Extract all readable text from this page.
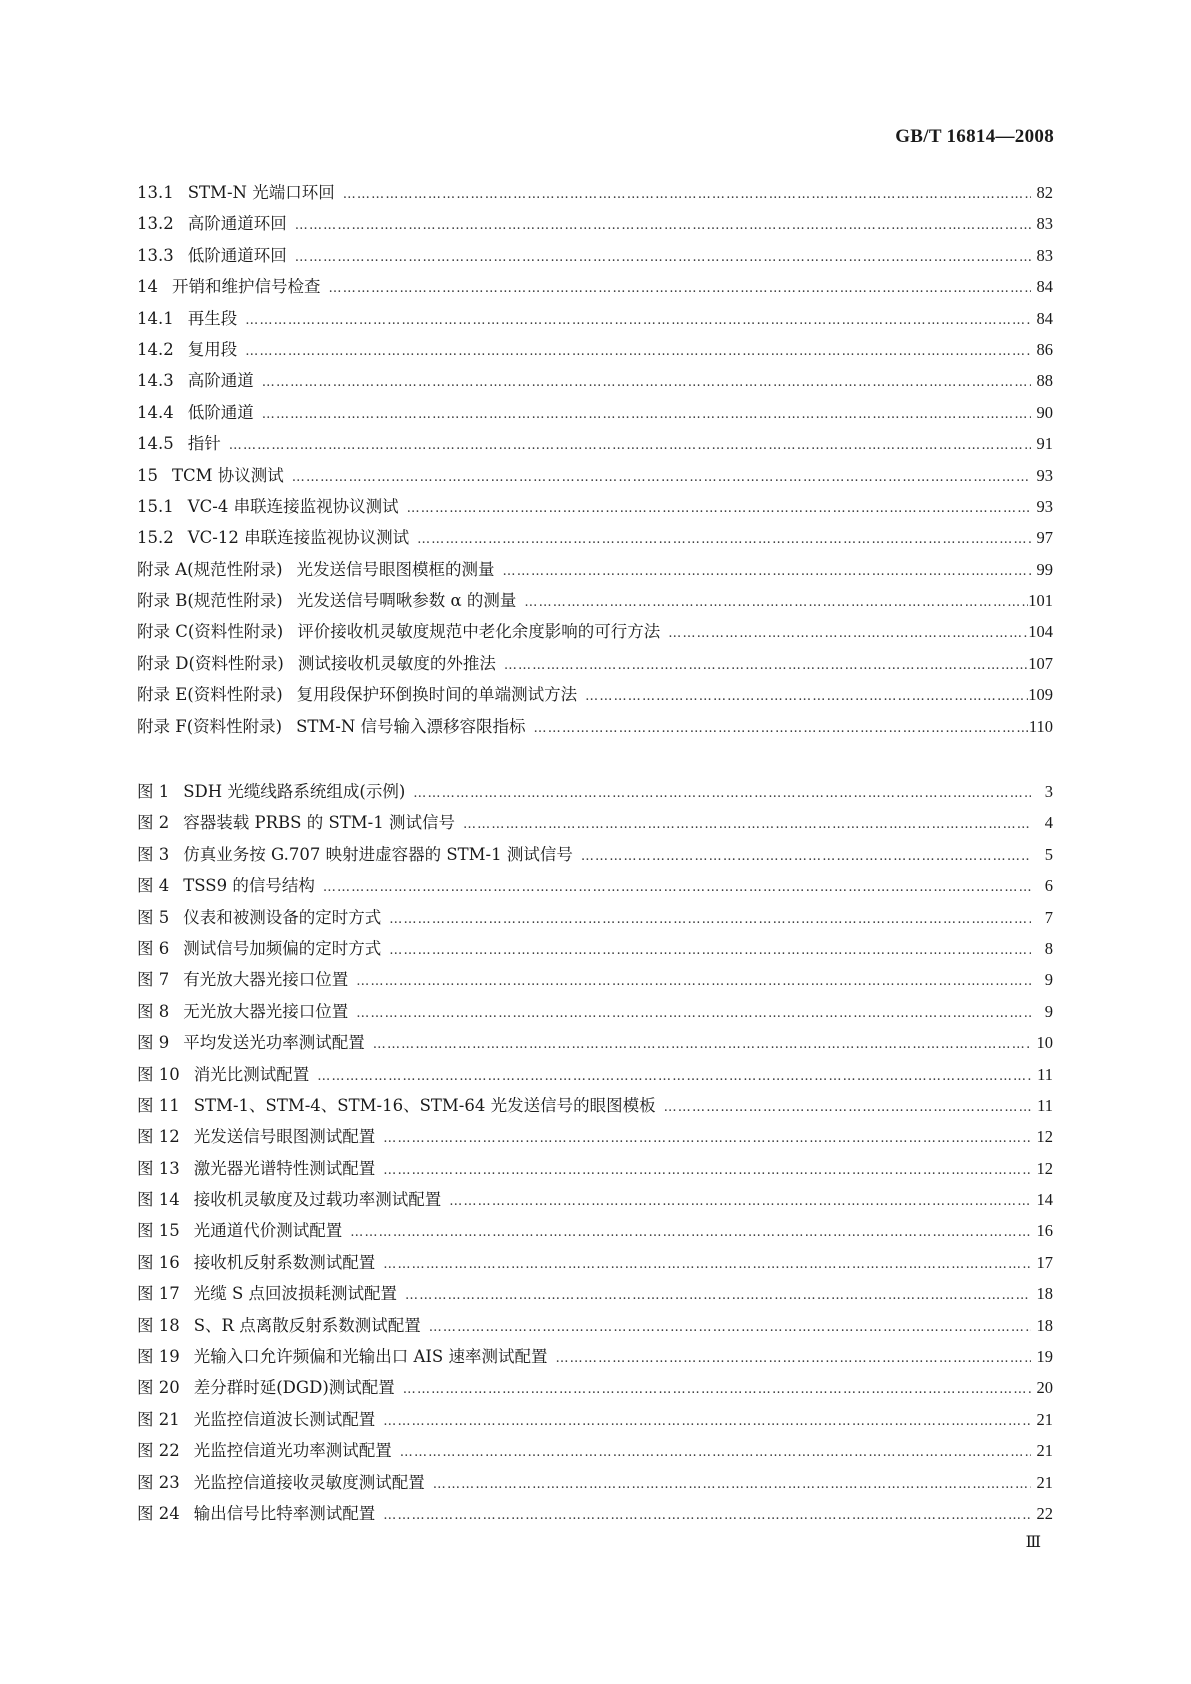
GB/T 16814—2008
13.1 STM-N 光端口环回 ……………………………………………………………………………………………………………………………………………………………………………………………………………………………………	82
13.2 高阶通道环回 ……………………………………………………………………………………………………………………………………………………………………………………………………………………………………	83
13.3 低阶通道环回 ……………………………………………………………………………………………………………………………………………………………………………………………………………………………………	83
14 开销和维护信号检查 ……………………………………………………………………………………………………………………………………………………………………………………………………………………………………	84
14.1 再生段 ……………………………………………………………………………………………………………………………………………………………………………………………………………………………………	84
14.2 复用段 ……………………………………………………………………………………………………………………………………………………………………………………………………………………………………	86
14.3 高阶通道 ……………………………………………………………………………………………………………………………………………………………………………………………………………………………………	88
14.4 低阶通道 ……………………………………………………………………………………………………………………………………………………………………………………………………………………………………	90
14.5 指针 ……………………………………………………………………………………………………………………………………………………………………………………………………………………………………	91
15 TCM 协议测试 ……………………………………………………………………………………………………………………………………………………………………………………………………………………………………	93
15.1 VC-4 串联连接监视协议测试 ……………………………………………………………………………………………………………………………………………………………………………………………………………………………………	93
15.2 VC-12 串联连接监视协议测试 ……………………………………………………………………………………………………………………………………………………………………………………………………………………………………	97
附录 A(规范性附录) 光发送信号眼图模框的测量 ……………………………………………………………………………………………………………………………………………………………………………………………………………………………………	99
附录 B(规范性附录) 光发送信号啁啾参数 α 的测量 ……………………………………………………………………………………………………………………………………………………………………………………………………………………………………	101
附录 C(资料性附录) 评价接收机灵敏度规范中老化余度影响的可行方法 ……………………………………………………………………………………………………………………………………………………………………………………………………………………………………	104
附录 D(资料性附录) 测试接收机灵敏度的外推法 ……………………………………………………………………………………………………………………………………………………………………………………………………………………………………	107
附录 E(资料性附录) 复用段保护环倒换时间的单端测试方法 ……………………………………………………………………………………………………………………………………………………………………………………………………………………………………	109
附录 F(资料性附录) STM-N 信号输入漂移容限指标 ……………………………………………………………………………………………………………………………………………………………………………………………………………………………………	110
图 1 SDH 光缆线路系统组成(示例) ……………………………………………………………………………………………………………………………………………………………………………………………………………………………………	3
图 2 容器装载 PRBS 的 STM-1 测试信号 ……………………………………………………………………………………………………………………………………………………………………………………………………………………………………	4
图 3 仿真业务按 G.707 映射进虚容器的 STM-1 测试信号 ……………………………………………………………………………………………………………………………………………………………………………………………………………………………………	5
图 4 TSS9 的信号结构 ……………………………………………………………………………………………………………………………………………………………………………………………………………………………………	6
图 5 仪表和被测设备的定时方式 ……………………………………………………………………………………………………………………………………………………………………………………………………………………………………	7
图 6 测试信号加频偏的定时方式 ……………………………………………………………………………………………………………………………………………………………………………………………………………………………………	8
图 7 有光放大器光接口位置 ……………………………………………………………………………………………………………………………………………………………………………………………………………………………………	9
图 8 无光放大器光接口位置 ……………………………………………………………………………………………………………………………………………………………………………………………………………………………………	9
图 9 平均发送光功率测试配置 ……………………………………………………………………………………………………………………………………………………………………………………………………………………………………	10
图 10 消光比测试配置 ……………………………………………………………………………………………………………………………………………………………………………………………………………………………………	11
图 11 STM-1、STM-4、STM-16、STM-64 光发送信号的眼图模板 ……………………………………………………………………………………………………………………………………………………………………………………………………………………………………	11
图 12 光发送信号眼图测试配置 ……………………………………………………………………………………………………………………………………………………………………………………………………………………………………	12
图 13 激光器光谱特性测试配置 ……………………………………………………………………………………………………………………………………………………………………………………………………………………………………	12
图 14 接收机灵敏度及过载功率测试配置 ……………………………………………………………………………………………………………………………………………………………………………………………………………………………………	14
图 15 光通道代价测试配置 ……………………………………………………………………………………………………………………………………………………………………………………………………………………………………	16
图 16 接收机反射系数测试配置 ……………………………………………………………………………………………………………………………………………………………………………………………………………………………………	17
图 17 光缆 S 点回波损耗测试配置 ……………………………………………………………………………………………………………………………………………………………………………………………………………………………………	18
图 18 S、R 点离散反射系数测试配置 ……………………………………………………………………………………………………………………………………………………………………………………………………………………………………	18
图 19 光输入口允许频偏和光输出口 AIS 速率测试配置 ……………………………………………………………………………………………………………………………………………………………………………………………………………………………………	19
图 20 差分群时延(DGD)测试配置 ……………………………………………………………………………………………………………………………………………………………………………………………………………………………………	20
图 21 光监控信道波长测试配置 ……………………………………………………………………………………………………………………………………………………………………………………………………………………………………	21
图 22 光监控信道光功率测试配置 ……………………………………………………………………………………………………………………………………………………………………………………………………………………………………	21
图 23 光监控信道接收灵敏度测试配置 ……………………………………………………………………………………………………………………………………………………………………………………………………………………………………	21
图 24 输出信号比特率测试配置 ……………………………………………………………………………………………………………………………………………………………………………………………………………………………………	22
Ⅲ
